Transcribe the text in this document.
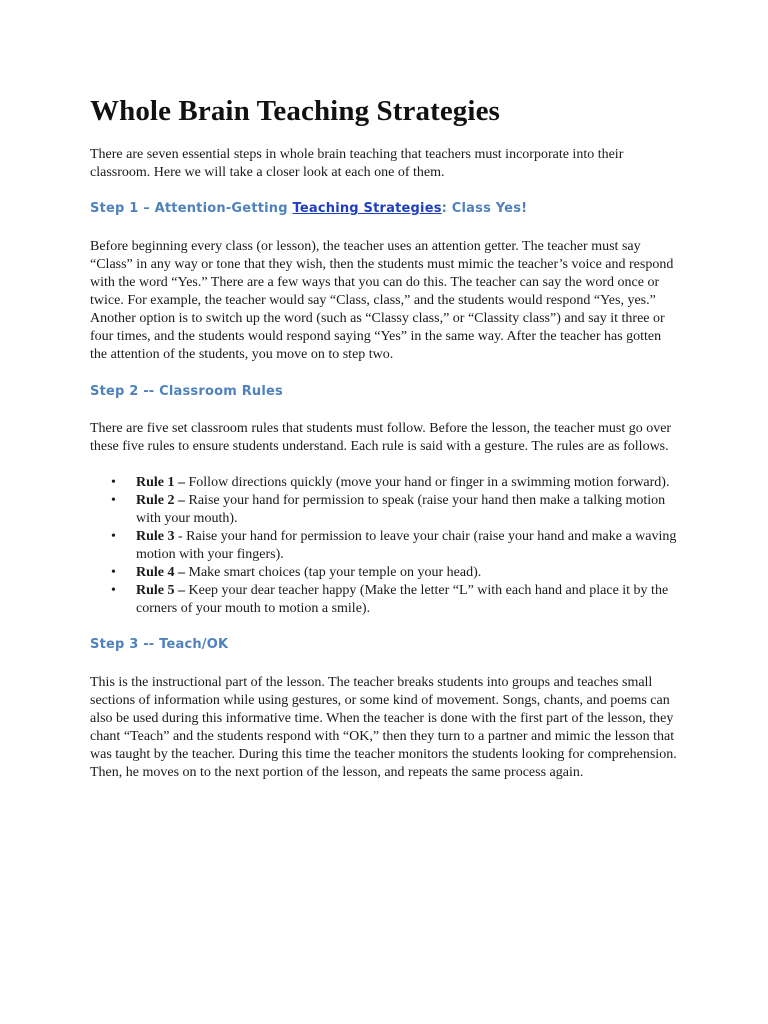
Whole Brain Teaching Strategies

There are seven essential steps in whole brain teaching that teachers must incorporate into their classroom. Here we will take a closer look at each one of them.

Step 1 – Attention-Getting Teaching Strategies: Class Yes!

Before beginning every class (or lesson), the teacher uses an attention getter. The teacher must say “Class” in any way or tone that they wish, then the students must mimic the teacher’s voice and respond with the word “Yes.” There are a few ways that you can do this. The teacher can say the word once or twice. For example, the teacher would say “Class, class,” and the students would respond “Yes, yes.” Another option is to switch up the word (such as “Classy class,” or “Classity class”) and say it three or four times, and the students would respond saying “Yes” in the same way. After the teacher has gotten the attention of the students, you move on to step two.

Step 2 -- Classroom Rules

There are five set classroom rules that students must follow. Before the lesson, the teacher must go over these five rules to ensure students understand. Each rule is said with a gesture. The rules are as follows.

• Rule 1 – Follow directions quickly (move your hand or finger in a swimming motion forward).
• Rule 2 – Raise your hand for permission to speak (raise your hand then make a talking motion with your mouth).
• Rule 3 - Raise your hand for permission to leave your chair (raise your hand and make a waving motion with your fingers).
• Rule 4 – Make smart choices (tap your temple on your head).
• Rule 5 – Keep your dear teacher happy (Make the letter “L” with each hand and place it by the corners of your mouth to motion a smile).
Step 3 -- Teach/OK

This is the instructional part of the lesson. The teacher breaks students into groups and teaches small sections of information while using gestures, or some kind of movement. Songs, chants, and poems can also be used during this informative time. When the teacher is done with the first part of the lesson, they chant “Teach” and the students respond with “OK,” then they turn to a partner and mimic the lesson that was taught by the teacher. During this time the teacher monitors the students looking for comprehension. Then, he moves on to the next portion of the lesson, and repeats the same process again.
